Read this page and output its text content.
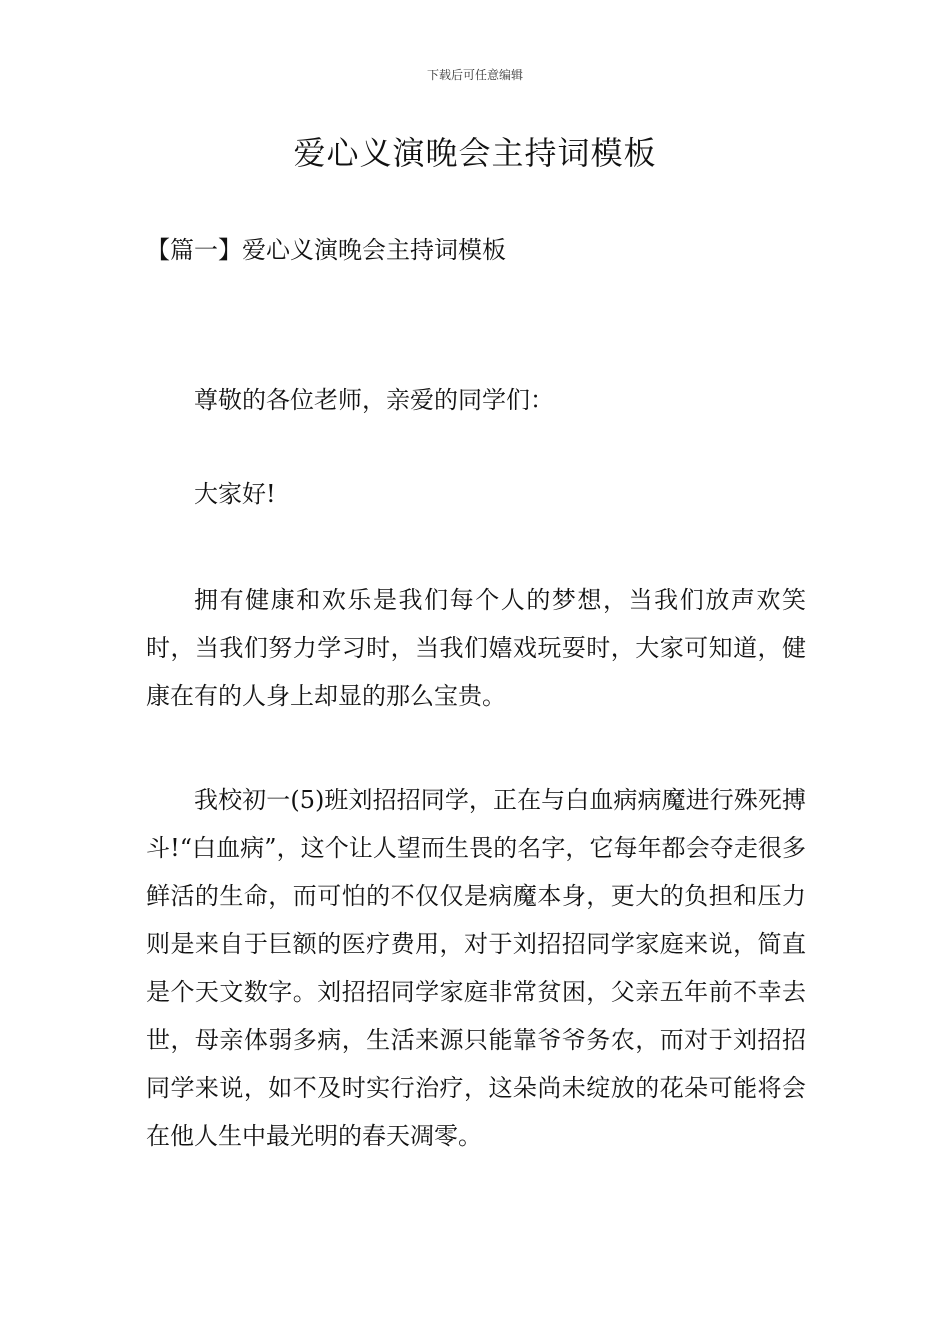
下载后可任意编辑
爱心义演晚会主持词模板
【篇一】爱心义演晚会主持词模板

尊敬的各位老师，亲爱的同学们：

大家好!

拥有健康和欢乐是我们每个人的梦想，当我们放声欢笑时，当我们努力学习时，当我们嬉戏玩耍时，大家可知道，健康在有的人身上却显的那么宝贵。

我校初一(5)班刘招招同学，正在与白血病病魔进行殊死搏斗!“白血病”，这个让人望而生畏的名字，它每年都会夺走很多鲜活的生命，而可怕的不仅仅是病魔本身，更大的负担和压力则是来自于巨额的医疗费用，对于刘招招同学家庭来说，简直是个天文数字。刘招招同学家庭非常贫困，父亲五年前不幸去世，母亲体弱多病，生活来源只能靠爷爷务农，而对于刘招招同学来说，如不及时实行治疗，这朵尚未绽放的花朵可能将会在他人生中最光明的春天凋零。
